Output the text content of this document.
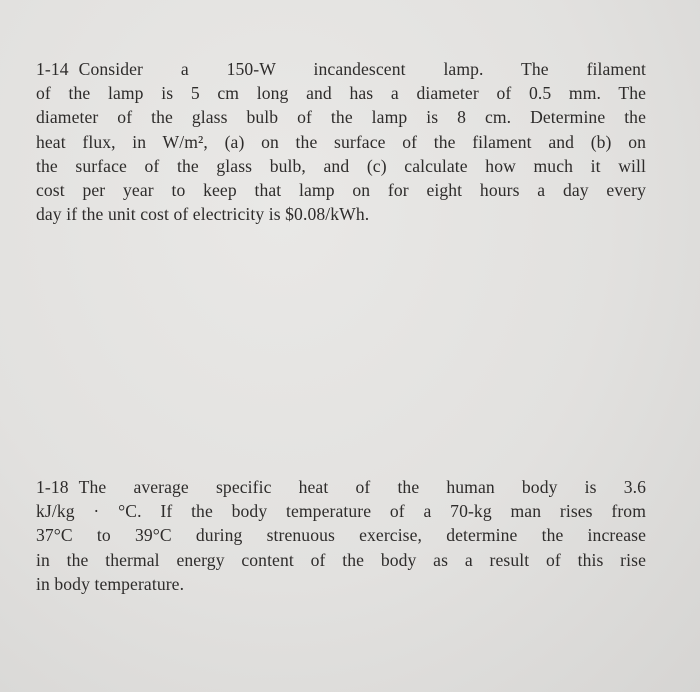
1-14 Consider a 150-W incandescent lamp. The filament
of the lamp is 5 cm long and has a diameter of 0.5 mm. The
diameter of the glass bulb of the lamp is 8 cm. Determine the
heat flux, in W/m², (a) on the surface of the filament and (b) on
the surface of the glass bulb, and (c) calculate how much it will
cost per year to keep that lamp on for eight hours a day every
day if the unit cost of electricity is $0.08/kWh.
1-18 The average specific heat of the human body is 3.6
kJ/kg · °C. If the body temperature of a 70-kg man rises from
37°C to 39°C during strenuous exercise, determine the increase
in the thermal energy content of the body as a result of this rise
in body temperature.
